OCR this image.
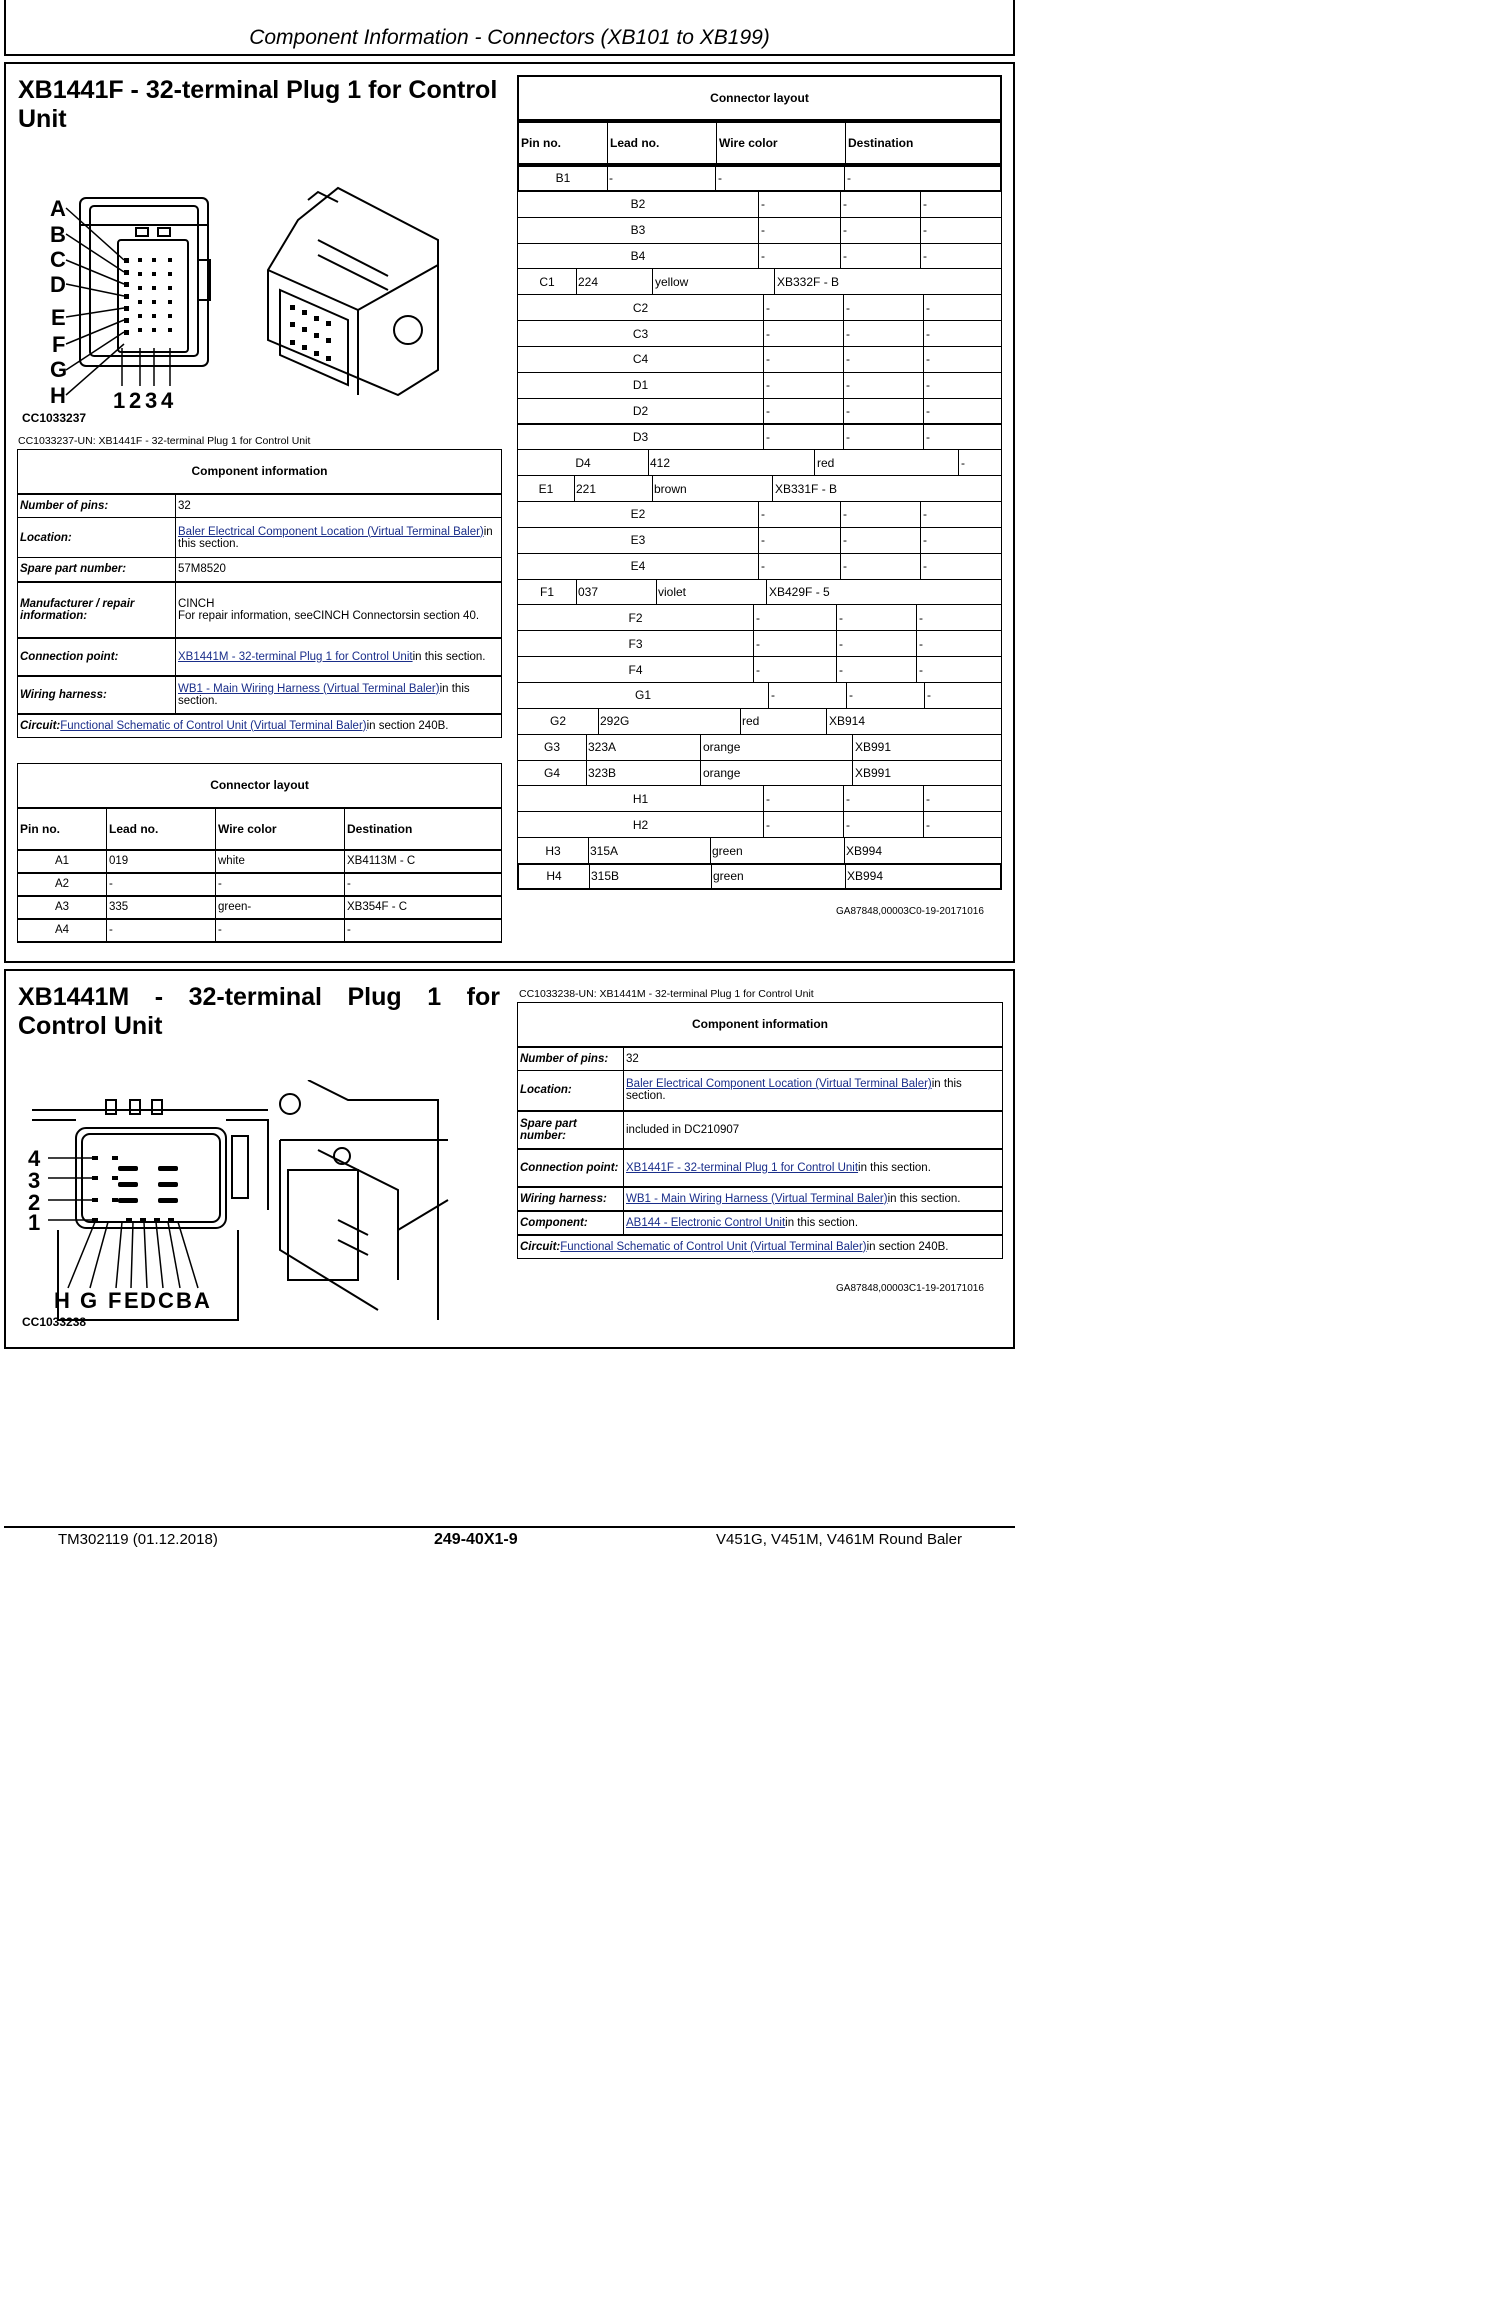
Component Information - Connectors (XB101 to XB199)
XB1441F - 32-terminal Plug 1 for Control Unit
A
B
C
D
E
F
G
H 1 2 3 4
CC1033237
CC1033237-UN: XB1441F - 32-terminal Plug 1 for Control Unit
Component information	
Number of pins:	32
Location:	Baler Electrical Component Location (Virtual Terminal Baler)in this section.
Spare part number:	57M8520
Manufacturer / repair information:	CINCH
For repair information, seeCINCH Connectorsin section 40.

Connection point:	XB1441M - 32-terminal Plug 1 for Control Unitin this section.
Wiring harness:	WB1 - Main Wiring Harness (Virtual Terminal Baler)in this section.
Circuit:Functional Schematic of Control Unit (Virtual Terminal Baler)in section 240B.	
Connector layout			
Pin no.	Lead no.	Wire color	Destination
A1	019	white	XB4113M - C
A2	-	-	-
A3	335	green-	XB354F - C
A4	-	-	-
Connector layout
Pin no.	Lead no.	Wire color	Destination
B1	-	-	-
B2	-	-	-
B3	-	-	-
B4	-	-	-
C1	224	yellow	XB332F - B
C2	-	-	-
C3	-	-	-
C4	-	-	-
D1	-	-	-
D2	-	-	-
D3	-	-	-
D4	412	red	-
E1	221	brown	XB331F - B
E2	-	-	-
E3	-	-	-
E4	-	-	-
F1	037	violet	XB429F - 5
F2	-	-	-
F3	-	-	-
F4	-	-	-
G1	-	-	-
G2	292G	red	XB914
G3	323A	orange	XB991
G4	323B	orange	XB991
H1	-	-	-
H2	-	-	-
H3	315A	green	XB994
H4	315B	green	XB994
GA87848,00003C0-19-20171016
XB1441M - 32-terminal Plug 1 for
Control Unit
4
3
2
1
H G F E D C B A
CC1033238
CC1033238-UN: XB1441M - 32-terminal Plug 1 for Control Unit
Component information	
Number of pins:	32
Location:	Baler Electrical Component Location (Virtual Terminal Baler)in this section.
Spare part number:	included in DC210907
Connection point:	XB1441F - 32-terminal Plug 1 for Control Unitin this section.
Wiring harness:	WB1 - Main Wiring Harness (Virtual Terminal Baler)in this section.
Component:	AB144 - Electronic Control Unitin this section.
Circuit:Functional Schematic of Control Unit (Virtual Terminal Baler)in section 240B.	
GA87848,00003C1-19-20171016
TM302119 (01.12.2018)	249-40X1-9	V451G, V451M, V461M Round Baler
